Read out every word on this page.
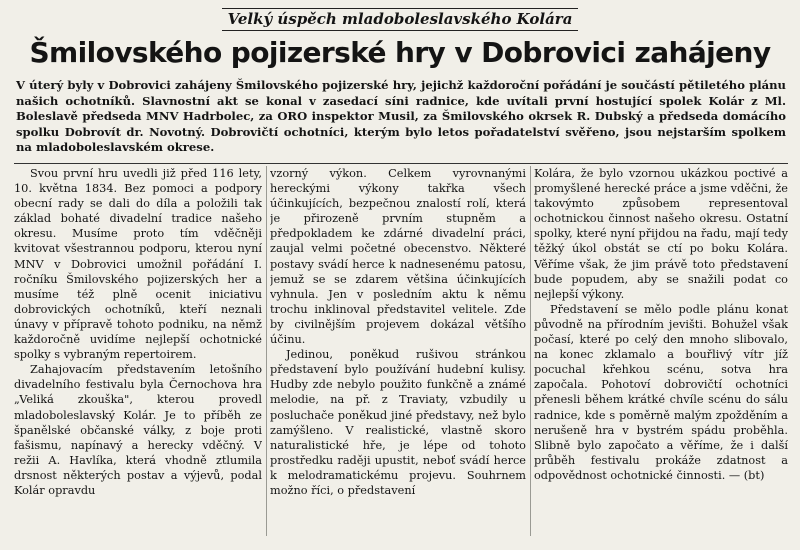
Velký úspěch mladoboleslavského Kolára
Šmilovského pojizerské hry v Dobrovici zahájeny
V úterý byly v Dobrovici zahájeny Šmilovského pojizerské hry, jejichž každoroční pořádání je součástí pětiletého plánu našich ochotníků. Slavnostní akt se konal v zasedací síni radnice, kde uvítali první hostující spolek Kolár z Ml. Boleslavě předseda MNV Hadrbolec, za ORO inspektor Musil, za Šmilovského okrsek R. Dubský a předseda domácího spolku Dobrovít dr. Novotný. Dobrovičtí ochotníci, kterým bylo letos pořadatelství svěřeno, jsou nejstarším spolkem na mladoboleslavském okrese.

Svou první hru uvedli již před 116 lety, 10. května 1834. Bez pomoci a podpory obecní rady se dali do díla a položili tak základ bohaté divadelní tradice našeho okresu. Musíme proto tím vděčněji kvitovat všestrannou podporu, kterou nyní MNV v Dobrovici umožnil pořádání I. ročníku Šmilovského pojizerských her a musíme též plně ocenit iniciativu dobrovických ochotníků, kteří neznali únavy v přípravě tohoto podniku, na němž každoročně uvidíme nejlepší ochotnické spolky s vybraným repertoirem.

Zahajovacím představením letošního divadelního festivalu byla Černochova hra „Veliká zkouška", kterou provedl mladoboleslavský Kolár. Je to příběh ze španělské občanské války, z boje proti fašismu, napínavý a herecky vděčný. V režii A. Havlíka, která vhodně ztlumila drsnost některých postav a výjevů, podal Kolár opravdu

vzorný výkon. Celkem vyrovnanými hereckými výkony takřka všech účinkujících, bezpečnou znalostí rolí, která je přirozeně prvním stupněm a předpokladem ke zdárné divadelní práci, zaujal velmi početné obecenstvo. Některé postavy svádí herce k nadnesenému patosu, jemuž se se zdarem většina účinkujících vyhnula. Jen v posledním aktu k němu trochu inklinoval představitel velitele. Zde by civilnějším projevem dokázal většího účinu.

Jedinou, poněkud rušivou stránkou představení bylo používání hudební kulisy. Hudby zde nebylo použito funkčně a známé melodie, na př. z Traviaty, vzbudily u posluchače poněkud jiné představy, než bylo zamýšleno. V realistické, vlastně skoro naturalistické hře, je lépe od tohoto prostředku raději upustit, neboť svádí herce k melodramatickému projevu. Souhrnem možno říci, o představení

Kolára, že bylo vzornou ukázkou poctivé a promyšlené herecké práce a jsme vděčni, že takovýmto způsobem representoval ochotnickou činnost našeho okresu. Ostatní spolky, které nyní přijdou na řadu, mají tedy těžký úkol obstát se ctí po boku Kolára. Věříme však, že jim právě toto představení bude popudem, aby se snažili podat co nejlepší výkony.

Představení se mělo podle plánu konat původně na přírodním jevišti. Bohužel však počasí, které po celý den mnoho slibovalo, na konec zklamalo a bouřlivý vítr jíž pocuchal křehkou scénu, sotva hra započala. Pohotoví dobrovičtí ochotníci přenesli během krátké chvíle scénu do sálu radnice, kde s poměrně malým zpožděním a nerušeně hra v bystrém spádu proběhla. Slibně bylo započato a věříme, že i další průběh festivalu prokáže zdatnost a odpovědnost ochotnické činnosti. — (bt)
